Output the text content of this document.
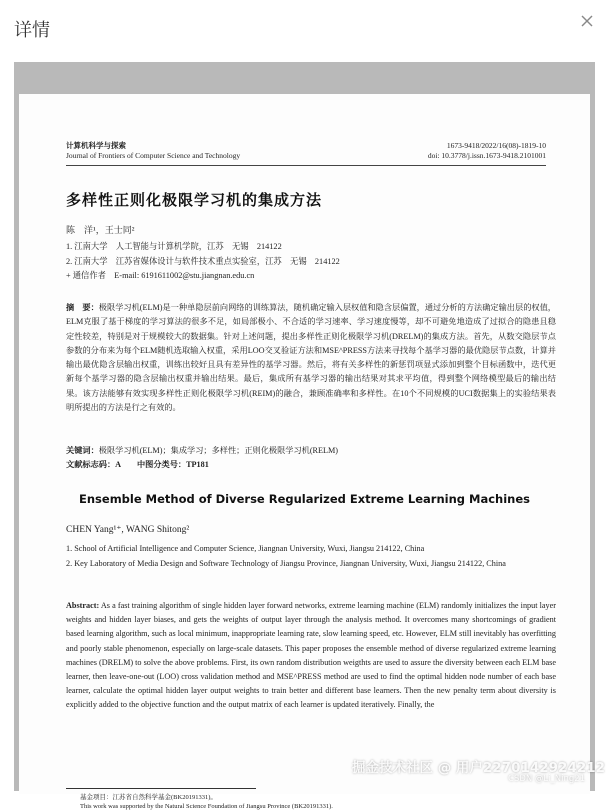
详情
计算机科学与探索
Journal of Frontiers of Computer Science and Technology
1673-9418/2022/16(08)-1819-10
doi: 10.3778/j.issn.1673-9418.2101001
多样性正则化极限学习机的集成方法
陈　洋¹，王士同²
1. 江南大学　人工智能与计算机学院，江苏　无锡　214122
2. 江南大学　江苏省媒体设计与软件技术重点实验室，江苏　无锡　214122
+ 通信作者　E-mail: 6191611002@stu.jiangnan.edu.cn
摘　要：极限学习机(ELM)是一种单隐层前向网络的训练算法，随机确定输入层权值和隐含层偏置，通过分析的方法确定输出层的权值，ELM克服了基于梯度的学习算法的很多不足，如局部极小、不合适的学习速率、学习速度慢等，却不可避免地造成了过拟合的隐患且稳定性较差，特别是对于规模较大的数据集。针对上述问题，提出多样性正则化极限学习机(DRELM)的集成方法。首先，从数交隐层节点参数的分布来为每个ELM随机选取输入权重，采用LOO交叉验证方法和MSE^PRESS方法来寻找每个基学习器的最优隐层节点数，计算并输出最优隐含层输出权重，训练出较好且具有差异性的基学习器。然后，将有关多样性的新惩罚项显式添加到整个目标函数中，迭代更新每个基学习器的隐含层输出权重并输出结果。最后，集成所有基学习器的输出结果对其求平均值，得到整个网络模型最后的输出结果。该方法能够有效实现多样性正则化极限学习机(REIM)的融合，兼顾准确率和多样性。在10个不同规模的UCI数据集上的实验结果表明所提出的方法是行之有效的。
关键词：极限学习机(ELM)；集成学习；多样性；正则化极限学习机(RELM)
文献标志码：A　　中图分类号：TP181
Ensemble Method of Diverse Regularized Extreme Learning Machines
CHEN Yang¹⁺, WANG Shitong²
1. School of Artificial Intelligence and Computer Science, Jiangnan University, Wuxi, Jiangsu 214122, China
2. Key Laboratory of Media Design and Software Technology of Jiangsu Province, Jiangnan University, Wuxi, Jiangsu 214122, China
Abstract: As a fast training algorithm of single hidden layer forward networks, extreme learning machine (ELM) randomly initializes the input layer weights and hidden layer biases, and gets the weights of output layer through the analysis method. It overcomes many shortcomings of gradient based learning algorithm, such as local minimum, inappropriate learning rate, slow learning speed, etc. However, ELM still inevitably has overfitting and poorly stable phenomenon, especially on large-scale datasets. This paper proposes the ensemble method of diverse regularized extreme learning machines (DRELM) to solve the above problems. First, its own random distribution weigthts are used to assure the diversity between each ELM base learner, then leave-one-out (LOO) cross validation method and MSE^PRESS method are used to find the optimal hidden node number of each base learner, calculate the optimal hidden layer output weights to train better and different base learners. Then the new penalty term about diversity is explicitly added to the objective function and the output matrix of each learner is updated iteratively. Finally, the
基金项目：江苏省自然科学基金(BK20191331)。
This work was supported by the Natural Science Foundation of Jiangsu Province (BK20191331).
掘金技术社区 @ 用户2270142924212
CSDN @Li_Ning21
